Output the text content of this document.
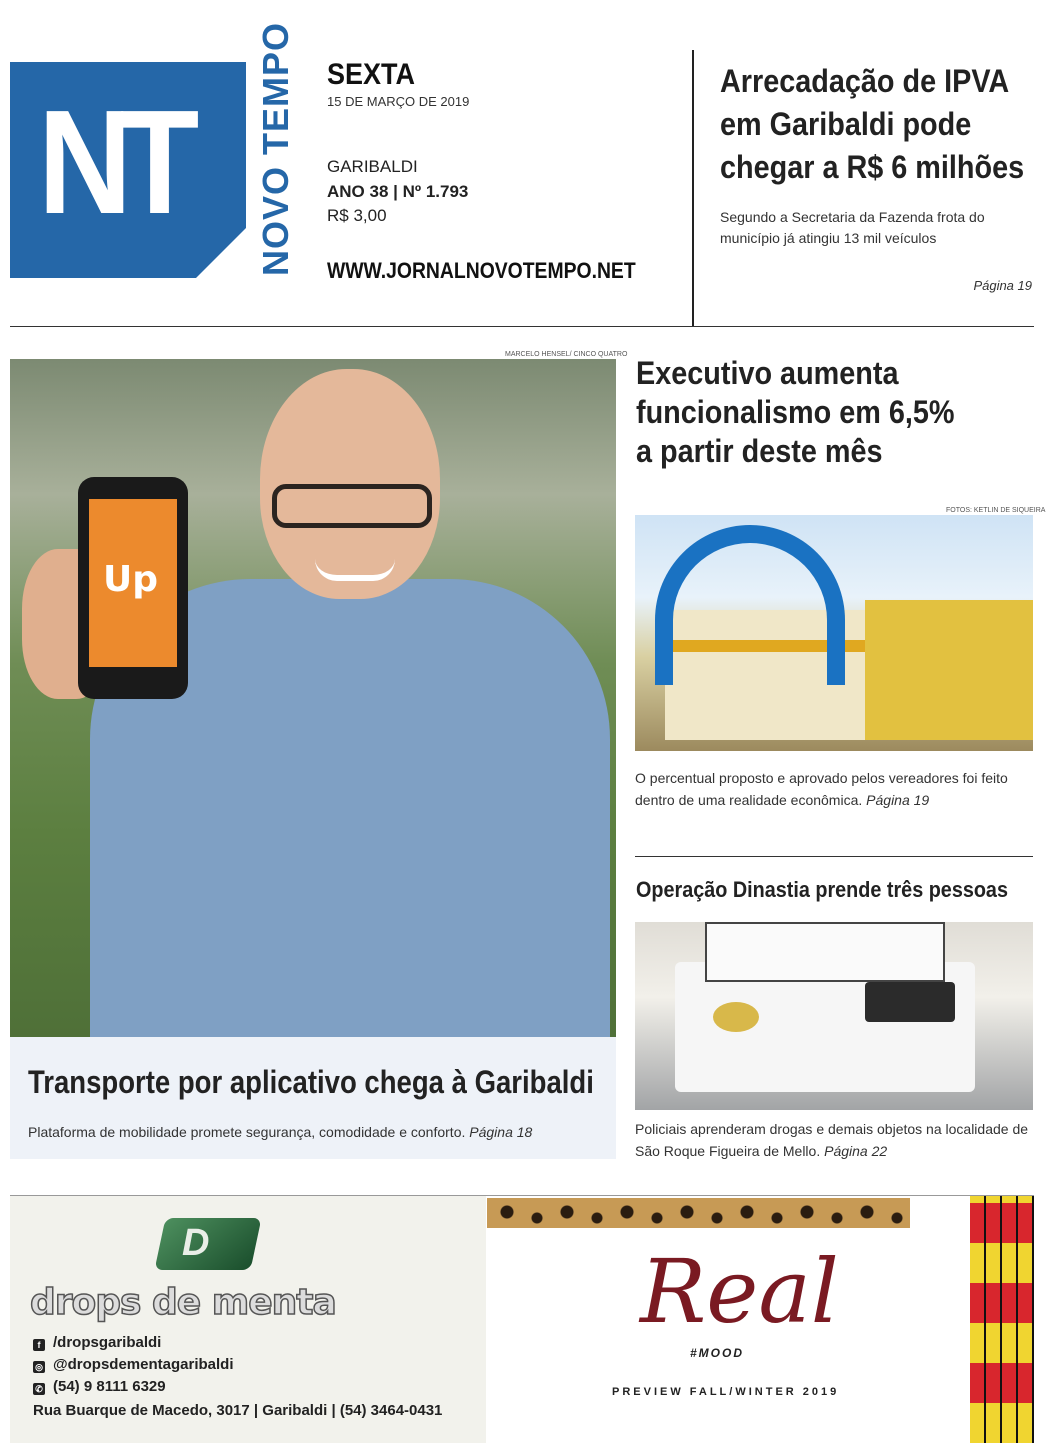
NT NOVO TEMPO SEXTA
15 DE MARÇO DE 2019
GARIBALDI
ANO 38 | Nº 1.793
R$ 3,00
WWW.JORNALNOVOTEMPO.NET
Arrecadação de IPVA em Garibaldi pode chegar a R$ 6 milhões
Segundo a Secretaria da Fazenda frota do município já atingiu 13 mil veículos
Página 19
MARCELO HENSEL/ CINCO QUATRO
Up
Transporte por aplicativo chega à Garibaldi
Plataforma de mobilidade promete segurança, comodidade e conforto. Página 18
Executivo aumenta funcionalismo em 6,5% a partir deste mês
FOTOS: KETLIN DE SIQUEIRA
O percentual proposto e aprovado pelos vereadores foi feito dentro de uma realidade econômica. Página 19
Operação Dinastia prende três pessoas
Policiais aprenderam drogas e demais objetos na localidade de São Roque Figueira de Mello. Página 22
D
drops de menta
f /dropsgaribaldi
◎ @dropsdementagaribaldi
✆ (54) 9 8111 6329
Rua Buarque de Macedo, 3017 | Garibaldi | (54) 3464-0431
Real
#MOOD
PREVIEW FALL/WINTER 2019
